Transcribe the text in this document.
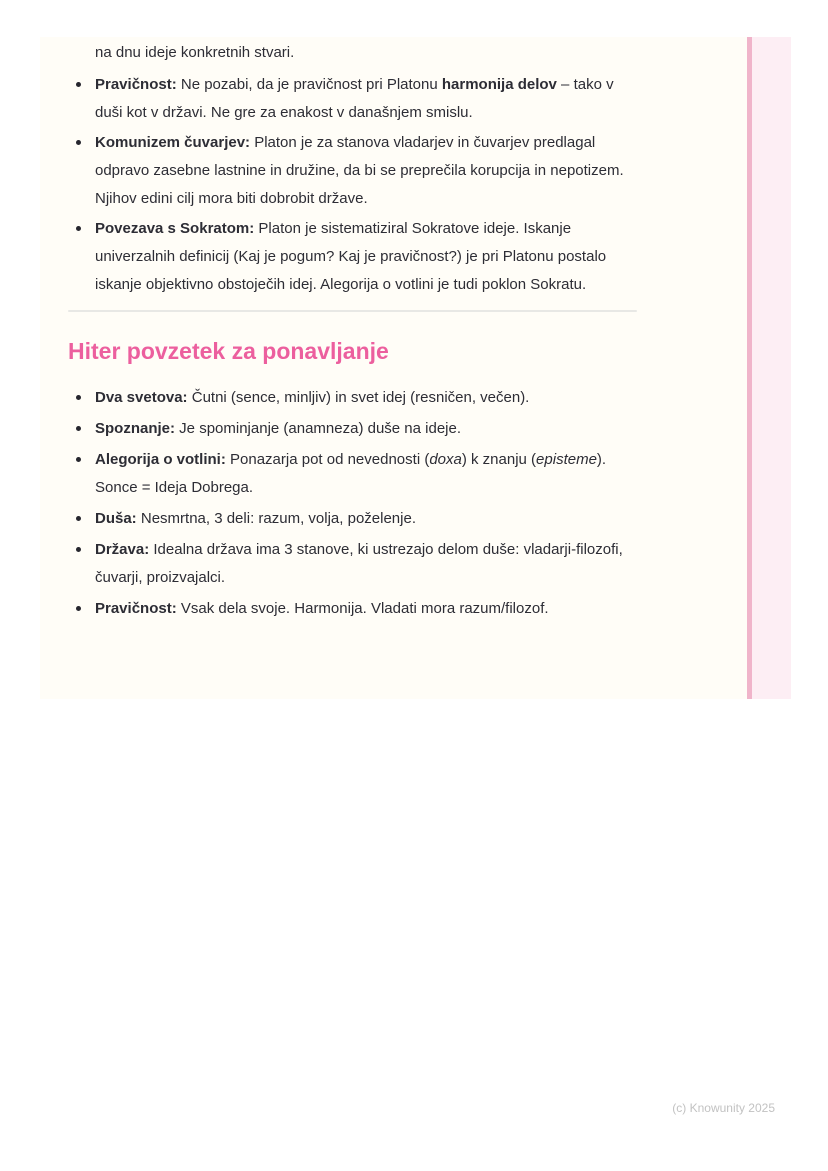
na dnu ideje konkretnih stvari.

Pravičnost: Ne pozabi, da je pravičnost pri Platonu harmonija delov – tako v duši kot v državi. Ne gre za enakost v današnjem smislu.
Komunizem čuvarjev: Platon je za stanova vladarjev in čuvarjev predlagal odpravo zasebne lastnine in družine, da bi se preprečila korupcija in nepotizem. Njihov edini cilj mora biti dobrobit države.
Povezava s Sokratom: Platon je sistematiziral Sokratove ideje. Iskanje univerzalnih definicij (Kaj je pogum? Kaj je pravičnost?) je pri Platonu postalo iskanje objektivno obstoječih idej. Alegorija o votlini je tudi poklon Sokratu.
Hiter povzetek za ponavljanje
Dva svetova: Čutni (sence, minljiv) in svet idej (resničen, večen).
Spoznanje: Je spominjanje (anamneza) duše na ideje.
Alegorija o votlini: Ponazarja pot od nevednosti (doxa) k znanju (episteme). Sonce = Ideja Dobrega.
Duša: Nesmrtna, 3 deli: razum, volja, poželenje.
Država: Idealna država ima 3 stanove, ki ustrezajo delom duše: vladarji-filozofi, čuvarji, proizvajalci.
Pravičnost: Vsak dela svoje. Harmonija. Vladati mora razum/filozof.
(c) Knowunity 2025
